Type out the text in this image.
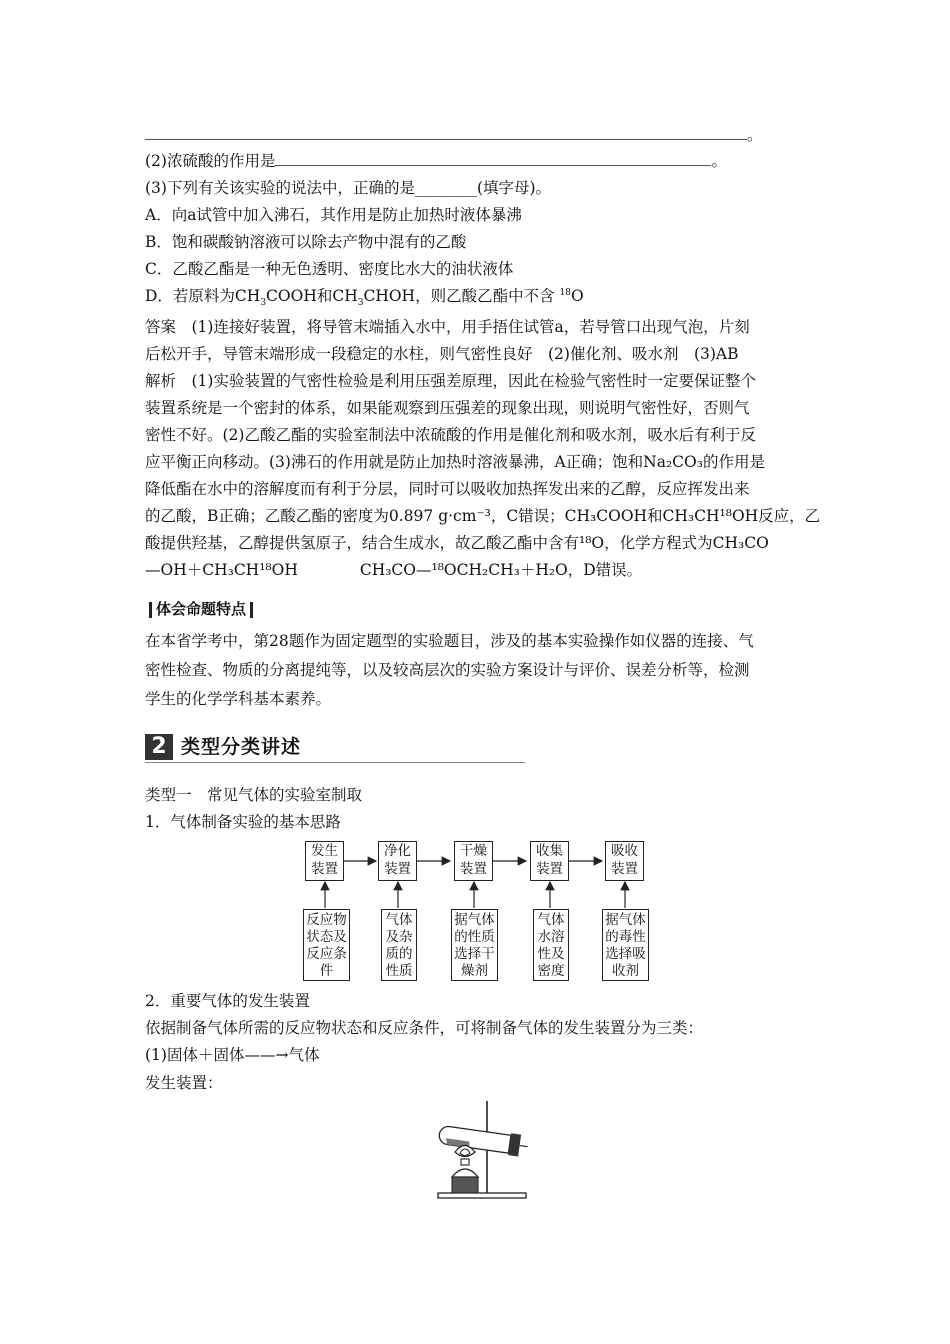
。
(2)浓硫酸的作用是	。
(3)下列有关该实验的说法中，正确的是________(填字母)。
A．向a试管中加入沸石，其作用是防止加热时液体暴沸
B．饱和碳酸钠溶液可以除去产物中混有的乙酸
C．乙酸乙酯是一种无色透明、密度比水大的油状液体
D．若原料为$CH_3COOH$和$CH_3CHOH$，则乙酸乙酯中不含 $^{18}$O
答案　(1)连接好装置，将导管末端插入水中，用手捂住试管a，若导管口出现气泡，片刻
后松开手，导管末端形成一段稳定的水柱，则气密性良好　(2)催化剂、吸水剂　(3)AB
解析　(1)实验装置的气密性检验是利用压强差原理，因此在检验气密性时一定要保证整个
装置系统是一个密封的体系，如果能观察到压强差的现象出现，则说明气密性好，否则气
密性不好。(2)乙酸乙酯的实验室制法中浓硫酸的作用是催化剂和吸水剂，吸水后有利于反
应平衡正向移动。(3)沸石的作用就是防止加热时溶液暴沸，A正确；饱和Na₂CO₃的作用是
降低酯在水中的溶解度而有利于分层，同时可以吸收加热挥发出来的乙醇，反应挥发出来
的乙酸，B正确；乙酸乙酯的密度为0.897 g·cm⁻³，C错误；CH₃COOH和CH₃CH¹⁸OH反应，乙
酸提供羟基，乙醇提供氢原子，结合生成水，故乙酸乙酯中含有¹⁸O，化学方程式为CH₃CO
—OH＋CH₃CH¹⁸OH　　　　CH₃CO—¹⁸OCH₂CH₃＋H₂O，D错误。
体会命题特点
在本省学考中，第28题作为固定题型的实验题目，涉及的基本实验操作如仪器的连接、气
密性检查、物质的分离提纯等，以及较高层次的实验方案设计与评价、误差分析等，检测
学生的化学学科基本素养。
2 类型分类讲述
类型一　常见气体的实验室制取
1．气体制备实验的基本思路
发生
装置
净化
装置
干燥
装置
收集
装置
吸收
装置
反应物
状态及
反应条
件
气体
及杂
质的
性质
据气体
的性质
选择干
燥剂
气体
水溶
性及
密度
据气体
的毒性
选择吸
收剂
2．重要气体的发生装置
依据制备气体所需的反应物状态和反应条件，可将制备气体的发生装置分为三类：
(1)固体＋固体——→气体
发生装置：
